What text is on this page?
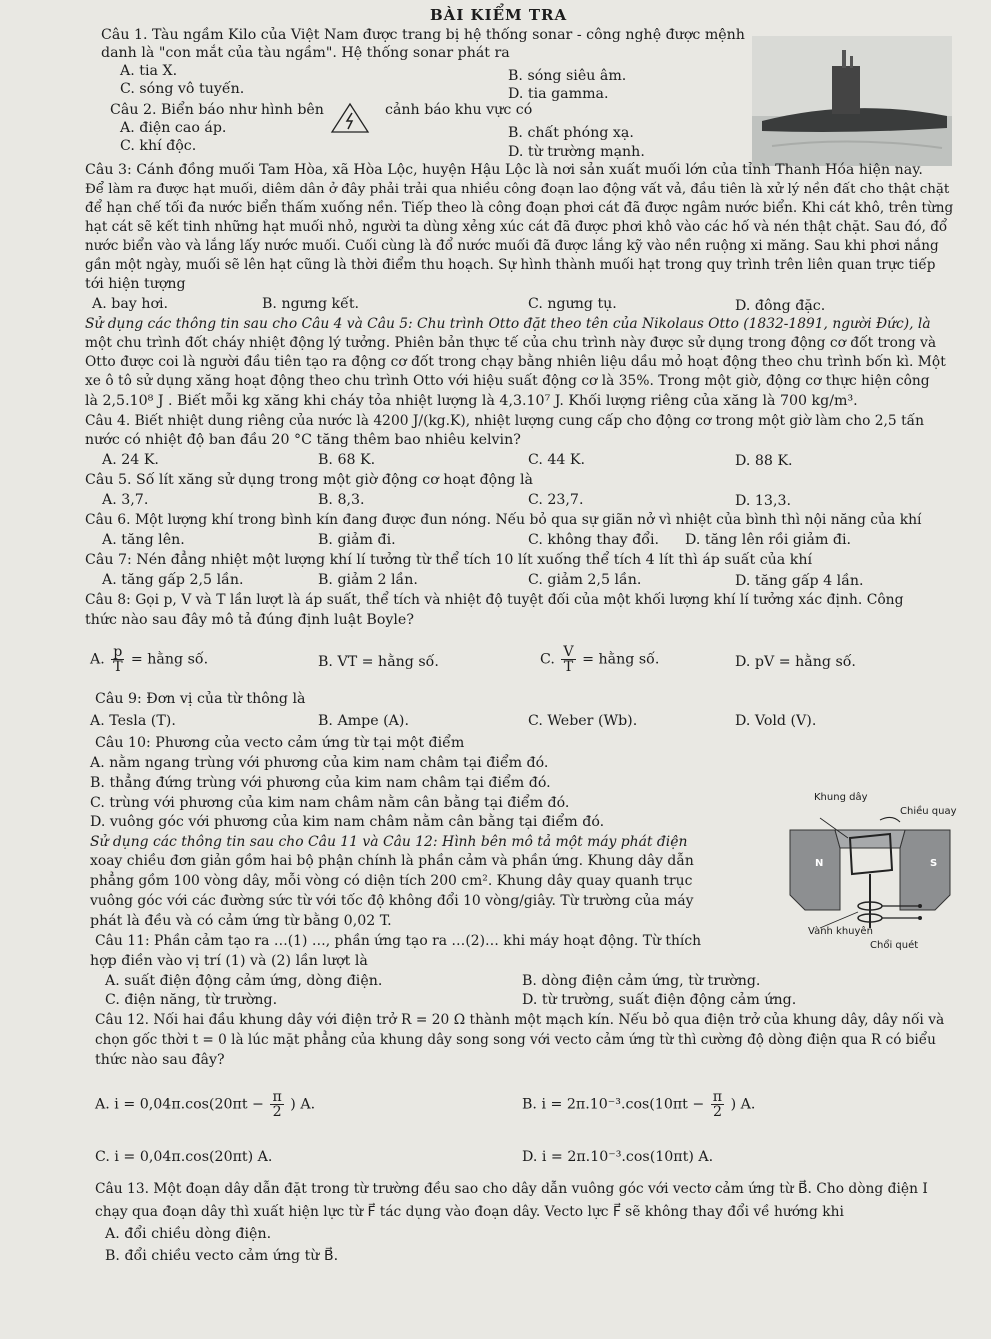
BÀI KIỂM TRA
Câu 1. Tàu ngầm Kilo của Việt Nam được trang bị hệ thống sonar - công nghệ được mệnh
danh là "con mắt của tàu ngầm". Hệ thống sonar phát ra
A. tia X.	B. sóng siêu âm.
C. sóng vô tuyến.	D. tia gamma.
Câu 2. Biển báo như hình bên	cảnh báo khu vực có
A. điện cao áp.	B. chất phóng xạ.
C. khí độc.	D. từ trường mạnh.
Câu 3: Cánh đồng muối Tam Hòa, xã Hòa Lộc, huyện Hậu Lộc là nơi sản xuất muối lớn của tỉnh Thanh Hóa hiện nay.
Để làm ra được hạt muối, diêm dân ở đây phải trải qua nhiều công đoạn lao động vất vả, đầu tiên là xử lý nền đất cho thật chặt
để hạn chế tối đa nước biển thấm xuống nền. Tiếp theo là công đoạn phơi cát đã được ngâm nước biển. Khi cát khô, trên từng
hạt cát sẽ kết tinh những hạt muối nhỏ, người ta dùng xẻng xúc cát đã được phơi khô vào các hố và nén thật chặt. Sau đó, đổ
nước biển vào và lắng lấy nước muối. Cuối cùng là đổ nước muối đã được lắng kỹ vào nền ruộng xi măng. Sau khi phơi nắng
gần một ngày, muối sẽ lên hạt cũng là thời điểm thu hoạch. Sự hình thành muối hạt trong quy trình trên liên quan trực tiếp
tới hiện tượng
A. bay hơi.	B. ngưng kết.	C. ngưng tụ.	D. đông đặc.
Sử dụng các thông tin sau cho Câu 4 và Câu 5: Chu trình Otto đặt theo tên của Nikolaus Otto (1832-1891, người Đức), là
một chu trình đốt cháy nhiệt động lý tưởng. Phiên bản thực tế của chu trình này được sử dụng trong động cơ đốt trong và
Otto được coi là người đầu tiên tạo ra động cơ đốt trong chạy bằng nhiên liệu dầu mỏ hoạt động theo chu trình bốn kì. Một
xe ô tô sử dụng xăng hoạt động theo chu trình Otto với hiệu suất động cơ là 35%. Trong một giờ, động cơ thực hiện công
là 2,5.10⁸ J . Biết mỗi kg xăng khi cháy tỏa nhiệt lượng là 4,3.10⁷ J. Khối lượng riêng của xăng là 700 kg/m³.
Câu 4. Biết nhiệt dung riêng của nước là 4200 J/(kg.K), nhiệt lượng cung cấp cho động cơ trong một giờ làm cho 2,5 tấn
nước có nhiệt độ ban đầu 20 °C tăng thêm bao nhiêu kelvin?
A. 24 K.	B. 68 K.	C. 44 K.	D. 88 K.
Câu 5. Số lít xăng sử dụng trong một giờ động cơ hoạt động là
A. 3,7.	B. 8,3.	C. 23,7.	D. 13,3.
Câu 6. Một lượng khí trong bình kín đang được đun nóng. Nếu bỏ qua sự giãn nở vì nhiệt của bình thì nội năng của khí
A. tăng lên.	B. giảm đi.	C. không thay đổi. D. tăng lên rồi giảm đi.
Câu 7: Nén đẳng nhiệt một lượng khí lí tưởng từ thể tích 10 lít xuống thể tích 4 lít thì áp suất của khí
A. tăng gấp 2,5 lần.	B. giảm 2 lần.	C. giảm 2,5 lần.	D. tăng gấp 4 lần.
Câu 8: Gọi p, V và T lần lượt là áp suất, thể tích và nhiệt độ tuyệt đối của một khối lượng khí lí tưởng xác định. Công
thức nào sau đây mô tả đúng định luật Boyle?
A. $\frac{p}{T}$ = hằng số.	B. VT = hằng số.	C. $\frac{V}{T}$ = hằng số.	D. pV = hằng số.
Câu 9: Đơn vị của từ thông là
A. Tesla (T).	B. Ampe (A).	C. Weber (Wb).	D. Vold (V).
Câu 10: Phương của vecto cảm ứng từ tại một điểm
A. nằm ngang trùng với phương của kim nam châm tại điểm đó.
B. thẳng đứng trùng với phương của kim nam châm tại điểm đó.
C. trùng với phương của kim nam châm nằm cân bằng tại điểm đó.
D. vuông góc với phương của kim nam châm nằm cân bằng tại điểm đó.
Sử dụng các thông tin sau cho Câu 11 và Câu 12: Hình bên mô tả một máy phát điện
xoay chiều đơn giản gồm hai bộ phận chính là phần cảm và phần ứng. Khung dây dẫn
phẳng gồm 100 vòng dây, mỗi vòng có diện tích 200 cm². Khung dây quay quanh trục
vuông góc với các đường sức từ với tốc độ không đổi 10 vòng/giây. Từ trường của máy
phát là đều và có cảm ứng từ bằng 0,02 T.
Khung dây
Chiều quay
Vành khuyên
Chổi quét
N	S
Câu 11: Phần cảm tạo ra …(1) …, phần ứng tạo ra …(2)… khi máy hoạt động. Từ thích
hợp điền vào vị trí (1) và (2) lần lượt là
A. suất điện động cảm ứng, dòng điện.	B. dòng điện cảm ứng, từ trường.
C. điện năng, từ trường.	D. từ trường, suất điện động cảm ứng.
Câu 12. Nối hai đầu khung dây với điện trở R = 20 Ω thành một mạch kín. Nếu bỏ qua điện trở của khung dây, dây nối và
chọn gốc thời t = 0 là lúc mặt phẳng của khung dây song song với vecto cảm ứng từ thì cường độ dòng điện qua R có biểu
thức nào sau đây?
A. $i = 0,04\pi.\cos(20\pi t - \frac{\pi}{2}$ ) A.	B. $i = 2\pi.10^{-3}.\cos(10\pi t - \frac{\pi}{2}$ ) A.
C. i = 0,04π.cos(20πt) A.	D. i = 2π.10⁻³.cos(10πt) A.
Câu 13. Một đoạn dây dẫn đặt trong từ trường đều sao cho dây dẫn vuông góc với vectơ cảm ứng từ B⃗. Cho dòng điện I
chạy qua đoạn dây thì xuất hiện lực từ F⃗ tác dụng vào đoạn dây. Vecto lực F⃗ sẽ không thay đổi về hướng khi
A. đổi chiều dòng điện.
B. đổi chiều vecto cảm ứng từ B⃗.
